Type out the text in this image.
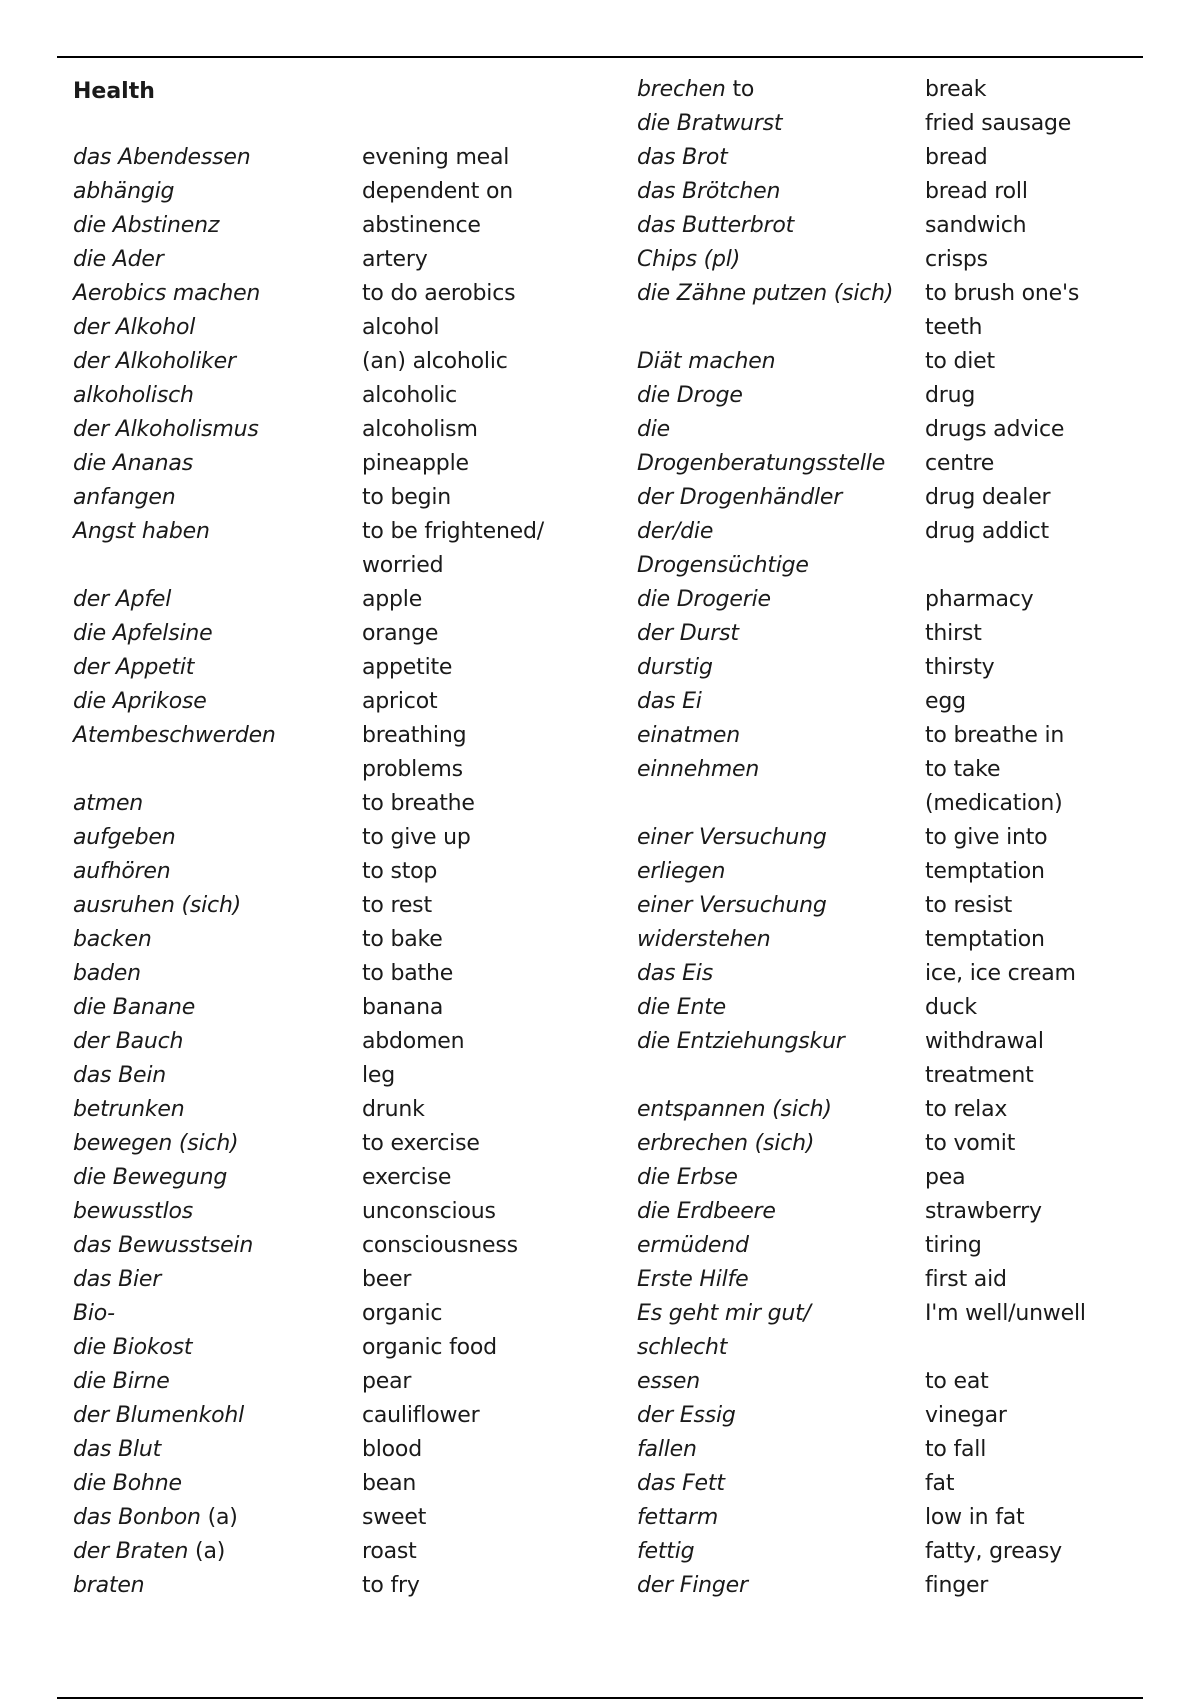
Health
das Abendessen
abhängig
die Abstinenz
die Ader
Aerobics machen
der Alkohol
der Alkoholiker
alkoholisch
der Alkoholismus
die Ananas
anfangen
Angst haben
der Apfel
die Apfelsine
der Appetit
die Aprikose
Atembeschwerden
atmen
aufgeben
aufhören
ausruhen (sich)
backen
baden
die Banane
der Bauch
das Bein
betrunken
bewegen (sich)
die Bewegung
bewusstlos
das Bewusstsein
das Bier
Bio-
die Biokost
die Birne
der Blumenkohl
das Blut
die Bohne
das Bonbon (a)
der Braten (a)
braten
evening meal
dependent on
abstinence
artery
to do aerobics
alcohol
(an) alcoholic
alcoholic
alcoholism
pineapple
to begin
to be frightened/
worried
apple
orange
appetite
apricot
breathing
problems
to breathe
to give up
to stop
to rest
to bake
to bathe
banana
abdomen
leg
drunk
to exercise
exercise
unconscious
consciousness
beer
organic
organic food
pear
cauliflower
blood
bean
sweet
roast
to fry
brechen to
die Bratwurst
das Brot
das Brötchen
das Butterbrot
Chips (pl)
die Zähne putzen (sich)
Diät machen
die Droge
die
Drogenberatungsstelle
der Drogenhändler
der/die
Drogensüchtige
die Drogerie
der Durst
durstig
das Ei
einatmen
einnehmen
einer Versuchung
erliegen
einer Versuchung
widerstehen
das Eis
die Ente
die Entziehungskur
entspannen (sich)
erbrechen (sich)
die Erbse
die Erdbeere
ermüdend
Erste Hilfe
Es geht mir gut/
schlecht
essen
der Essig
fallen
das Fett
fettarm
fettig
der Finger
break
fried sausage
bread
bread roll
sandwich
crisps
to brush one's
teeth
to diet
drug
drugs advice
centre
drug dealer
drug addict
pharmacy
thirst
thirsty
egg
to breathe in
to take
(medication)
to give into
temptation
to resist
temptation
ice, ice cream
duck
withdrawal
treatment
to relax
to vomit
pea
strawberry
tiring
first aid
I'm well/unwell
to eat
vinegar
to fall
fat
low in fat
fatty, greasy
finger
